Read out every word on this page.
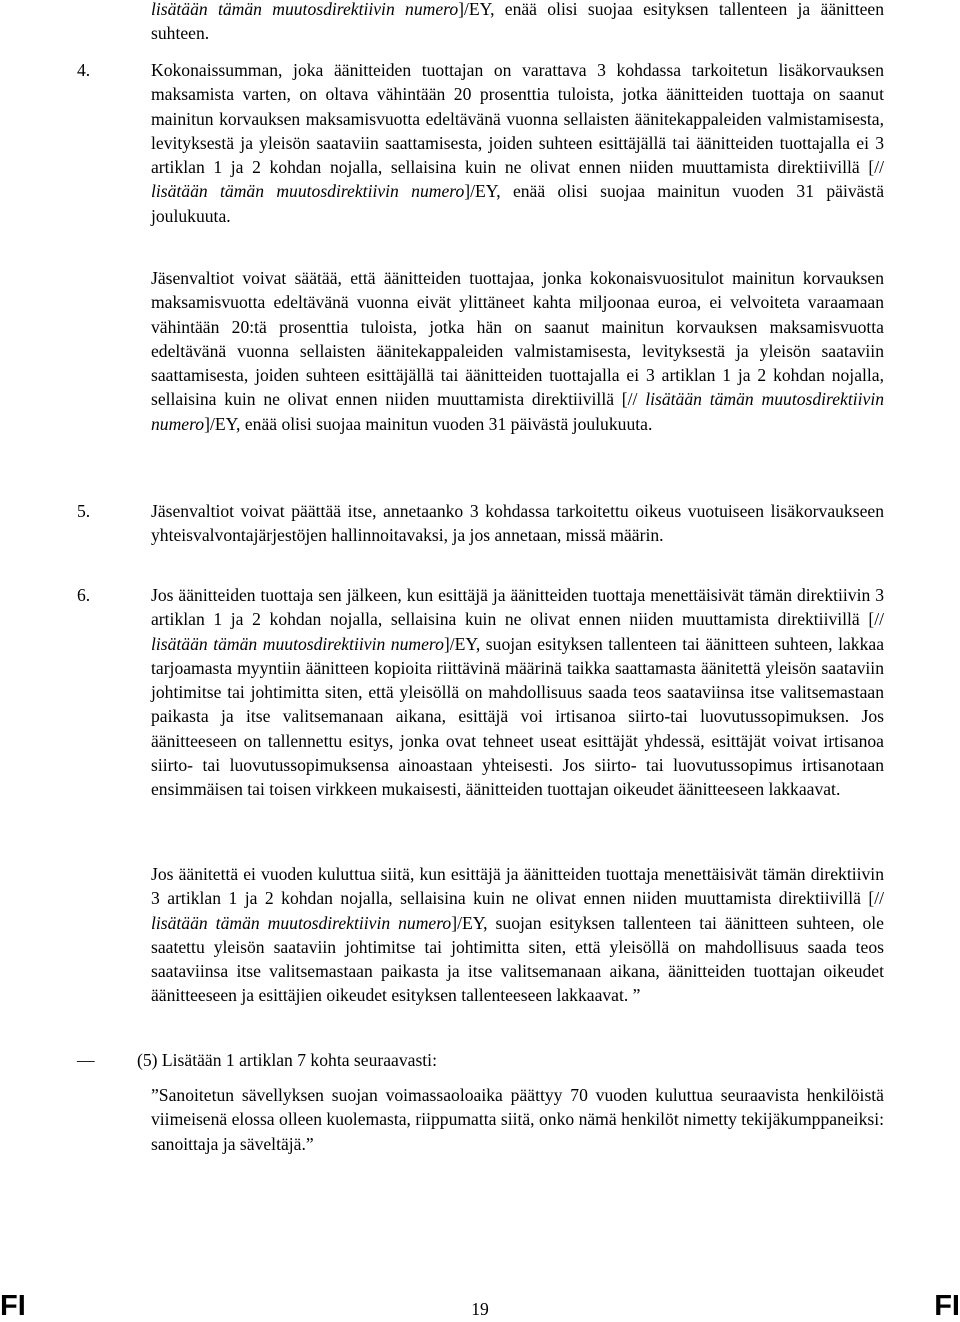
lisätään tämän muutosdirektiivin numero]/EY, enää olisi suojaa esityksen tallenteen ja äänitteen suhteen.

4.	Kokonaissumman, joka äänitteiden tuottajan on varattava 3 kohdassa tarkoitetun lisäkorvauksen maksamista varten, on oltava vähintään 20 prosenttia tuloista, jotka äänitteiden tuottaja on saanut mainitun korvauksen maksamisvuotta edeltävänä vuonna sellaisten äänitekappaleiden valmistamisesta, levityksestä ja yleisön saataviin saattamisesta, joiden suhteen esittäjällä tai äänitteiden tuottajalla ei 3 artiklan 1 ja 2 kohdan nojalla, sellaisina kuin ne olivat ennen niiden muuttamista direktiivillä [// lisätään tämän muutosdirektiivin numero]/EY, enää olisi suojaa mainitun vuoden 31 päivästä joulukuuta.

Jäsenvaltiot voivat säätää, että äänitteiden tuottajaa, jonka kokonaisvuositulot mainitun korvauksen maksamisvuotta edeltävänä vuonna eivät ylittäneet kahta miljoonaa euroa, ei velvoiteta varaamaan vähintään 20:tä prosenttia tuloista, jotka hän on saanut mainitun korvauksen maksamisvuotta edeltävänä vuonna sellaisten äänitekappaleiden valmistamisesta, levityksestä ja yleisön saataviin saattamisesta, joiden suhteen esittäjällä tai äänitteiden tuottajalla ei 3 artiklan 1 ja 2 kohdan nojalla, sellaisina kuin ne olivat ennen niiden muuttamista direktiivillä [// lisätään tämän muutosdirektiivin numero]/EY, enää olisi suojaa mainitun vuoden 31 päivästä joulukuuta.

5.	Jäsenvaltiot voivat päättää itse, annetaanko 3 kohdassa tarkoitettu oikeus vuotuiseen lisäkorvaukseen yhteisvalvontajärjestöjen hallinnoitavaksi, ja jos annetaan, missä määrin.

6.	Jos äänitteiden tuottaja sen jälkeen, kun esittäjä ja äänitteiden tuottaja menettäisivät tämän direktiivin 3 artiklan 1 ja 2 kohdan nojalla, sellaisina kuin ne olivat ennen niiden muuttamista direktiivillä [// lisätään tämän muutosdirektiivin numero]/EY, suojan esityksen tallenteen tai äänitteen suhteen, lakkaa tarjoamasta myyntiin äänitteen kopioita riittävinä määrinä taikka saattamasta äänitettä yleisön saataviin johtimitse tai johtimitta siten, että yleisöllä on mahdollisuus saada teos saataviinsa itse valitsemastaan paikasta ja itse valitsemanaan aikana, esittäjä voi irtisanoa siirto-tai luovutussopimuksen. Jos äänitteeseen on tallennettu esitys, jonka ovat tehneet useat esittäjät yhdessä, esittäjät voivat irtisanoa siirto- tai luovutussopimuksensa ainoastaan yhteisesti. Jos siirto- tai luovutussopimus irtisanotaan ensimmäisen tai toisen virkkeen mukaisesti, äänitteiden tuottajan oikeudet äänitteeseen lakkaavat.

Jos äänitettä ei vuoden kuluttua siitä, kun esittäjä ja äänitteiden tuottaja menettäisivät tämän direktiivin 3 artiklan 1 ja 2 kohdan nojalla, sellaisina kuin ne olivat ennen niiden muuttamista direktiivillä [// lisätään tämän muutosdirektiivin numero]/EY, suojan esityksen tallenteen tai äänitteen suhteen, ole saatettu yleisön saataviin johtimitse tai johtimitta siten, että yleisöllä on mahdollisuus saada teos saataviinsa itse valitsemastaan paikasta ja itse valitsemanaan aikana, äänitteiden tuottajan oikeudet äänitteeseen ja esittäjien oikeudet esityksen tallenteeseen lakkaavat. ”

— (5) Lisätään 1 artiklan 7 kohta seuraavasti:

”Sanoitetun sävellyksen suojan voimassaoloaika päättyy 70 vuoden kuluttua seuraavista henkilöistä viimeisenä elossa olleen kuolemasta, riippumatta siitä, onko nämä henkilöt nimetty tekijäkumppaneiksi: sanoittaja ja säveltäjä.”

FI	19	FI
